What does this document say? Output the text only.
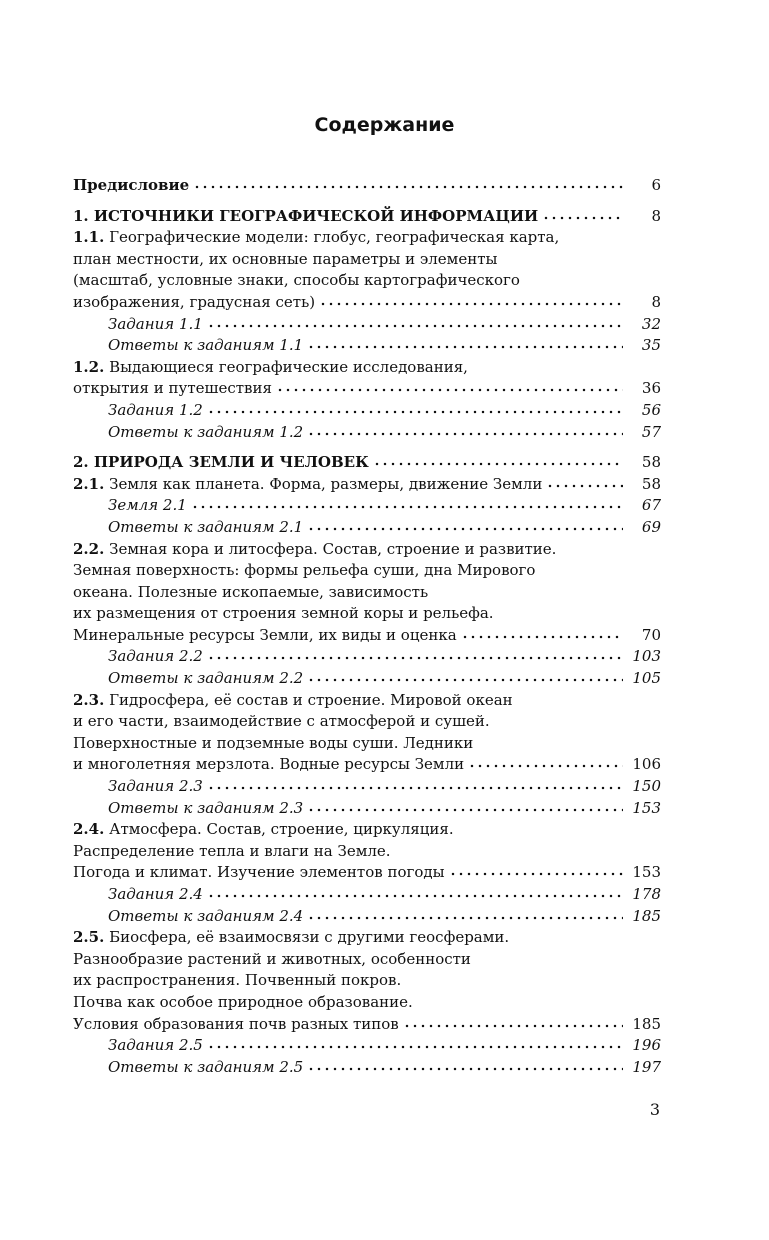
Содержание
Предисловие	6
1. ИСТОЧНИКИ ГЕОГРАФИЧЕСКОЙ ИНФОРМАЦИИ	8
1.1. Географические модели: глобус, географическая карта,
план местности, их основные параметры и элементы
(масштаб, условные знаки, способы картографического
изображения, градусная сеть)	8
Задания 1.1	32
Ответы к заданиям 1.1	35
1.2. Выдающиеся географические исследования,
открытия и путешествия	36
Задания 1.2	56
Ответы к заданиям 1.2	57
2. ПРИРОДА ЗЕМЛИ И ЧЕЛОВЕК	58
2.1. Земля как планета. Форма, размеры, движение Земли	58
Земля 2.1	67
Ответы к заданиям 2.1	69
2.2. Земная кора и литосфера. Состав, строение и развитие.
Земная поверхность: формы рельефа суши, дна Мирового
океана. Полезные ископаемые, зависимость
их размещения от строения земной коры и рельефа.
Минеральные ресурсы Земли, их виды и оценка	70
Задания 2.2	103
Ответы к заданиям 2.2	105
2.3. Гидросфера, её состав и строение. Мировой океан
и его части, взаимодействие с атмосферой и сушей.
Поверхностные и подземные воды суши. Ледники
и многолетняя мерзлота. Водные ресурсы Земли	106
Задания 2.3	150
Ответы к заданиям 2.3	153
2.4. Атмосфера. Состав, строение, циркуляция.
Распределение тепла и влаги на Земле.
Погода и климат. Изучение элементов погоды	153
Задания 2.4	178
Ответы к заданиям 2.4	185
2.5. Биосфера, её взаимосвязи с другими геосферами.
Разнообразие растений и животных, особенности
их распространения. Почвенный покров.
Почва как особое природное образование.
Условия образования почв разных типов	185
Задания 2.5	196
Ответы к заданиям 2.5	197
3
